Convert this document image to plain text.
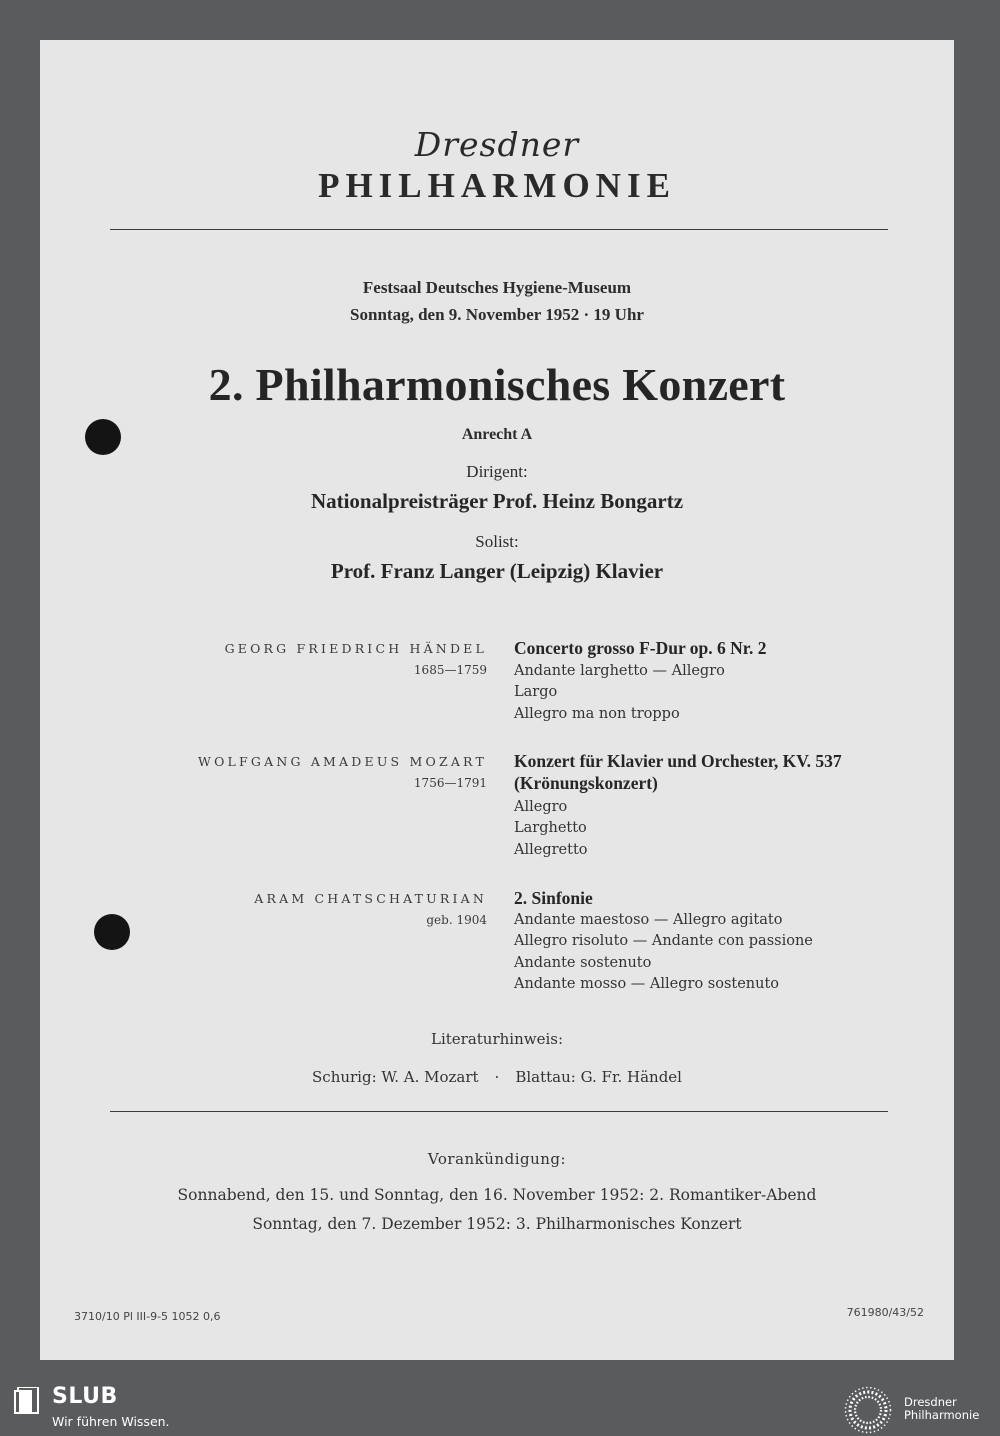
Dresdner
PHILHARMONIE
Festsaal Deutsches Hygiene-Museum
Sonntag, den 9. November 1952 · 19 Uhr
2. Philharmonisches Konzert
Anrecht A
Dirigent:
Nationalpreisträger Prof. Heinz Bongartz
Solist:
Prof. Franz Langer (Leipzig) Klavier
GEORG FRIEDRICH HÄNDEL
1685—1759
Concerto grosso F-Dur op. 6 Nr. 2
Andante larghetto — Allegro
Largo
Allegro ma non troppo
WOLFGANG AMADEUS MOZART
1756—1791
Konzert für Klavier und Orchester, KV. 537
(Krönungskonzert)
Allegro
Larghetto
Allegretto
ARAM CHATSCHATURIAN
geb. 1904
2. Sinfonie
Andante maestoso — Allegro agitato
Allegro risoluto — Andante con passione
Andante sostenuto
Andante mosso — Allegro sostenuto
Literaturhinweis:
Schurig: W. A. Mozart · Blattau: G. Fr. Händel
Vorankündigung:
Sonnabend, den 15. und Sonntag, den 16. November 1952: 2. Romantiker-Abend
Sonntag, den 7. Dezember 1952: 3. Philharmonisches Konzert
3710/10 Pl III-9-5 1052 0,6	761980/43/52
SLUB
Wir führen Wissen.
Dresdner
Philharmonie
